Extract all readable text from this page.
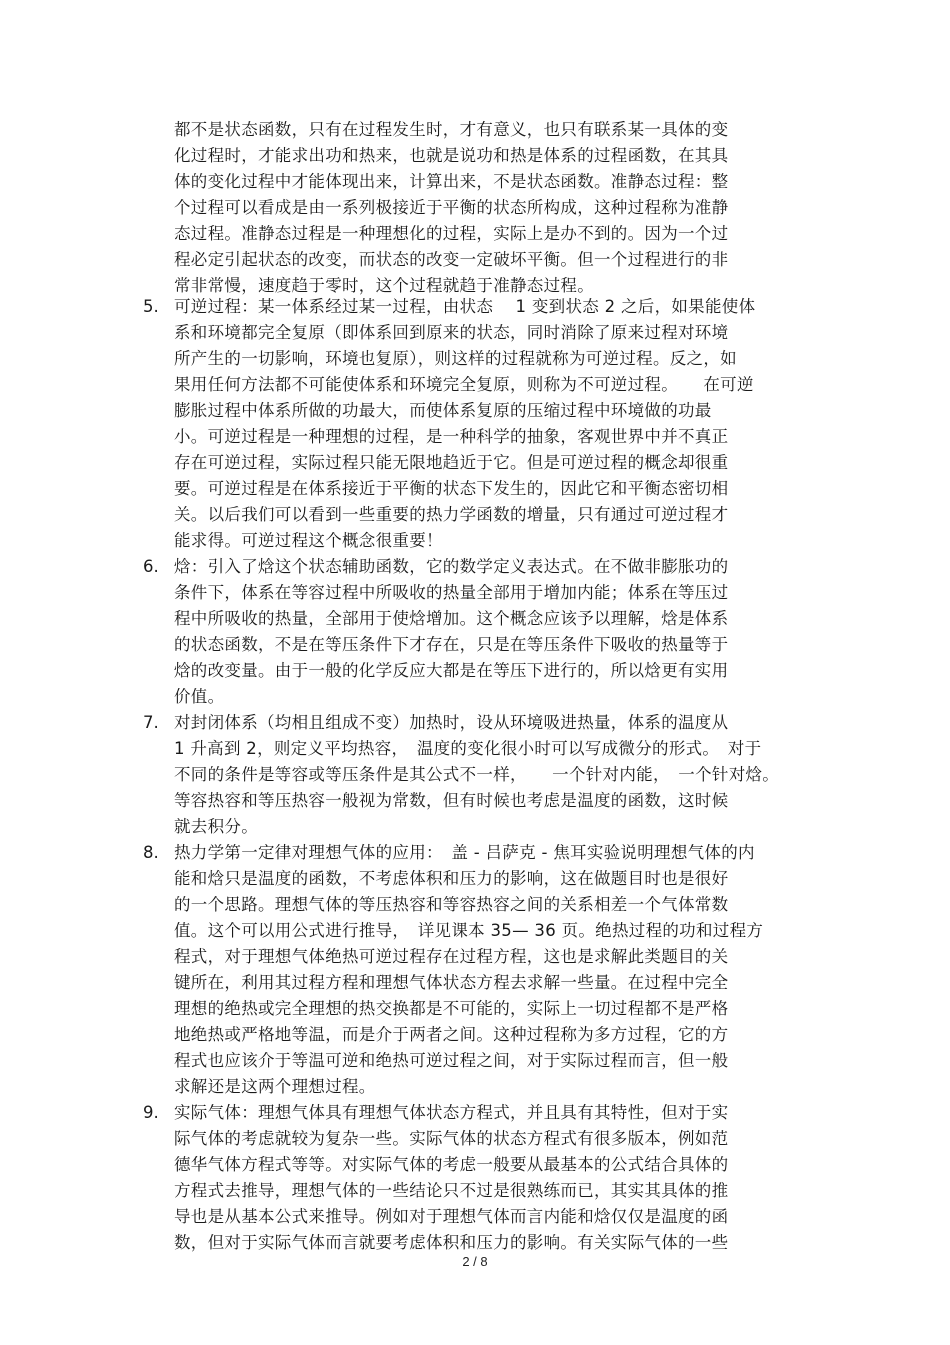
都不是状态函数，只有在过程发生时，才有意义，也只有联系某一具体的变
化过程时，才能求出功和热来，也就是说功和热是体系的过程函数，在其具
体的变化过程中才能体现出来，计算出来，不是状态函数。准静态过程：整
个过程可以看成是由一系列极接近于平衡的状态所构成，这种过程称为准静
态过程。准静态过程是一种理想化的过程，实际上是办不到的。因为一个过
程必定引起状态的改变，而状态的改变一定破坏平衡。但一个过程进行的非
常非常慢，速度趋于零时，这个过程就趋于准静态过程。
5. 可逆过程：某一体系经过某一过程，由状态 　1 变到状态 2 之后，如果能使体
系和环境都完全复原（即体系回到原来的状态，同时消除了原来过程对环境
所产生的一切影响，环境也复原），则这样的过程就称为可逆过程。反之，如
果用任何方法都不可能使体系和环境完全复原，则称为不可逆过程。　　在可逆
膨胀过程中体系所做的功最大，而使体系复原的压缩过程中环境做的功最
小。可逆过程是一种理想的过程，是一种科学的抽象，客观世界中并不真正
存在可逆过程，实际过程只能无限地趋近于它。但是可逆过程的概念却很重
要。可逆过程是在体系接近于平衡的状态下发生的，因此它和平衡态密切相
关。以后我们可以看到一些重要的热力学函数的增量，只有通过可逆过程才
能求得。可逆过程这个概念很重要！
6. 焓：引入了焓这个状态辅助函数，它的数学定义表达式。在不做非膨胀功的
条件下，体系在等容过程中所吸收的热量全部用于增加内能；体系在等压过
程中所吸收的热量，全部用于使焓增加。这个概念应该予以理解，焓是体系
的状态函数，不是在等压条件下才存在，只是在等压条件下吸收的热量等于
焓的改变量。由于一般的化学反应大都是在等压下进行的，所以焓更有实用
价值。
7. 对封闭体系（均相且组成不变）加热时，设从环境吸进热量，体系的温度从
1 升高到 2，则定义平均热容，　温度的变化很小时可以写成微分的形式。　对于
不同的条件是等容或等压条件是其公式不一样，　　一个针对内能，　一个针对焓。
等容热容和等压热容一般视为常数，但有时候也考虑是温度的函数，这时候
就去积分。
8. 热力学第一定律对理想气体的应用：　盖 - 吕萨克 - 焦耳实验说明理想气体的内
能和焓只是温度的函数，不考虑体积和压力的影响，这在做题目时也是很好
的一个思路。理想气体的等压热容和等容热容之间的关系相差一个气体常数
值。这个可以用公式进行推导，　详见课本 35— 36 页。绝热过程的功和过程方
程式，对于理想气体绝热可逆过程存在过程方程，这也是求解此类题目的关
键所在，利用其过程方程和理想气体状态方程去求解一些量。在过程中完全
理想的绝热或完全理想的热交换都是不可能的，实际上一切过程都不是严格
地绝热或严格地等温，而是介于两者之间。这种过程称为多方过程，它的方
程式也应该介于等温可逆和绝热可逆过程之间，对于实际过程而言，但一般
求解还是这两个理想过程。
9. 实际气体：理想气体具有理想气体状态方程式，并且具有其特性，但对于实
际气体的考虑就较为复杂一些。实际气体的状态方程式有很多版本，例如范
德华气体方程式等等。对实际气体的考虑一般要从最基本的公式结合具体的
方程式去推导，理想气体的一些结论只不过是很熟练而已，其实其具体的推
导也是从基本公式来推导。例如对于理想气体而言内能和焓仅仅是温度的函
数，但对于实际气体而言就要考虑体积和压力的影响。有关实际气体的一些
2 / 8
